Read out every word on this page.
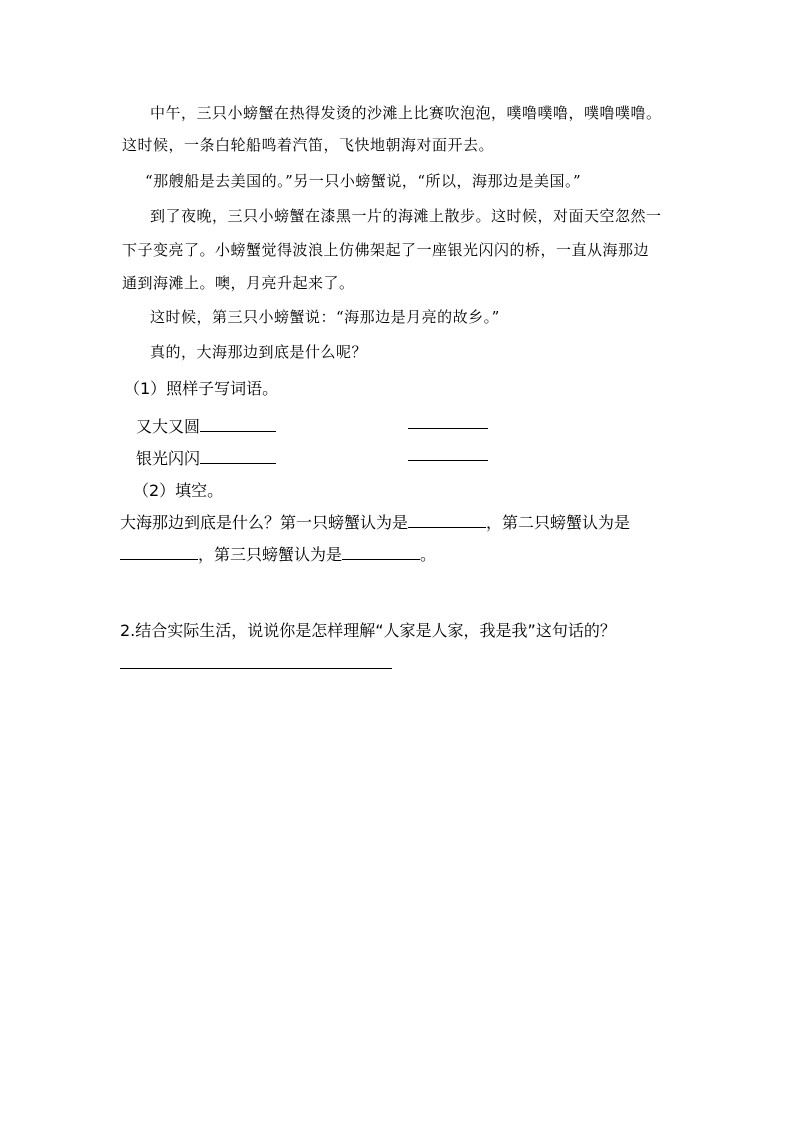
中午，三只小螃蟹在热得发烫的沙滩上比赛吹泡泡，噗噜噗噜，噗噜噗噜。
这时候，一条白轮船鸣着汽笛，飞快地朝海对面开去。
“那艘船是去美国的。”另一只小螃蟹说，“所以，海那边是美国。”
到了夜晚，三只小螃蟹在漆黑一片的海滩上散步。这时候，对面天空忽然一
下子变亮了。小螃蟹觉得波浪上仿佛架起了一座银光闪闪的桥，一直从海那边
通到海滩上。噢，月亮升起来了。
这时候，第三只小螃蟹说：“海那边是月亮的故乡。”
真的，大海那边到底是什么呢？
（1）照样子写词语。
又大又圆
银光闪闪
（2）填空。
大海那边到底是什么？第一只螃蟹认为是	，第二只螃蟹认为是
，第三只螃蟹认为是	。
2.结合实际生活，说说你是怎样理解“人家是人家，我是我”这句话的？
